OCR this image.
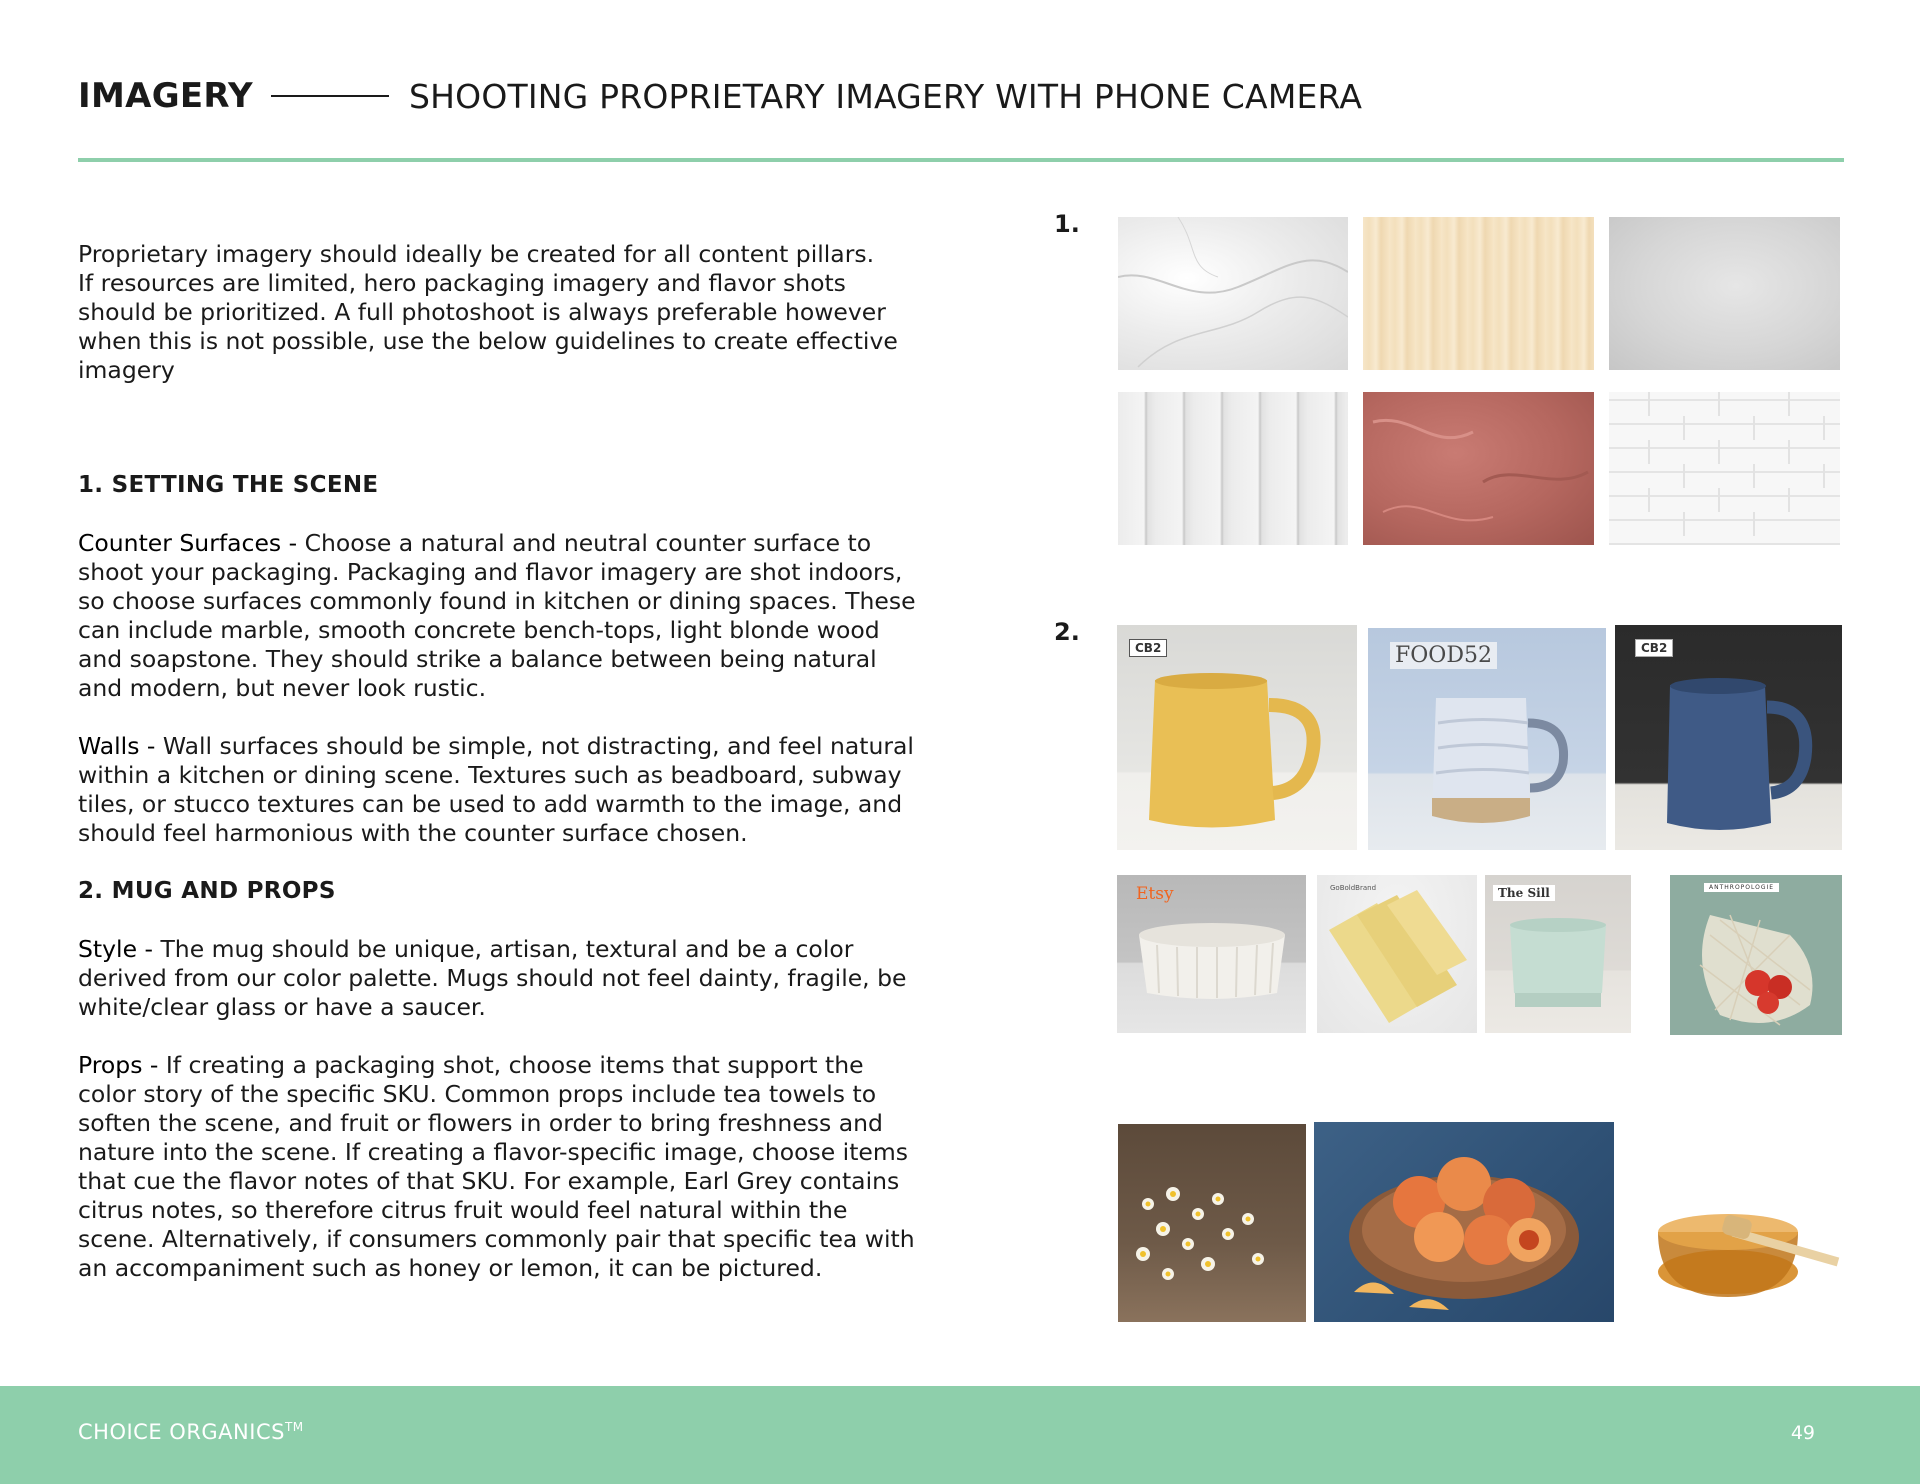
IMAGERY	SHOOTING PROPRIETARY IMAGERY WITH PHONE CAMERA

Proprietary imagery should ideally be created for all content pillars.
If resources are limited, hero packaging imagery and flavor shots should be prioritized. A full photoshoot is always preferable however when this is not possible, use the below guidelines to create effective imagery

1. SETTING THE SCENE

Counter Surfaces - Choose a natural and neutral counter surface to shoot your packaging. Packaging and flavor imagery are shot indoors, so choose surfaces commonly found in kitchen or dining spaces. These can include marble, smooth concrete bench-tops, light blonde wood and soapstone. They should strike a balance between being natural and modern, but never look rustic.

Walls - Wall surfaces should be simple, not distracting, and feel natural within a kitchen or dining scene. Textures such as beadboard, subway tiles, or stucco textures can be used to add warmth to the image, and should feel harmonious with the counter surface chosen.

2. MUG AND PROPS

Style - The mug should be unique, artisan, textural and be a color derived from our color palette. Mugs should not feel dainty, fragile, be white/clear glass or have a saucer.

Props - If creating a packaging shot, choose items that support the color story of the specific SKU. Common props include tea towels to soften the scene, and fruit or flowers in order to bring freshness and nature into the scene. If creating a flavor-specific image, choose items that cue the flavor notes of that SKU. For example, Earl Grey contains citrus notes, so therefore citrus fruit would feel natural within the scene. Alternatively, if consumers commonly pair that specific tea with an accompaniment such as honey or lemon, it can be pictured.

1.
2.
CB2	FOOD52	CB2
Etsy	GoBoldBrand	The Sill	ANTHROPOLOGIE
CHOICE ORGANICS™	49
